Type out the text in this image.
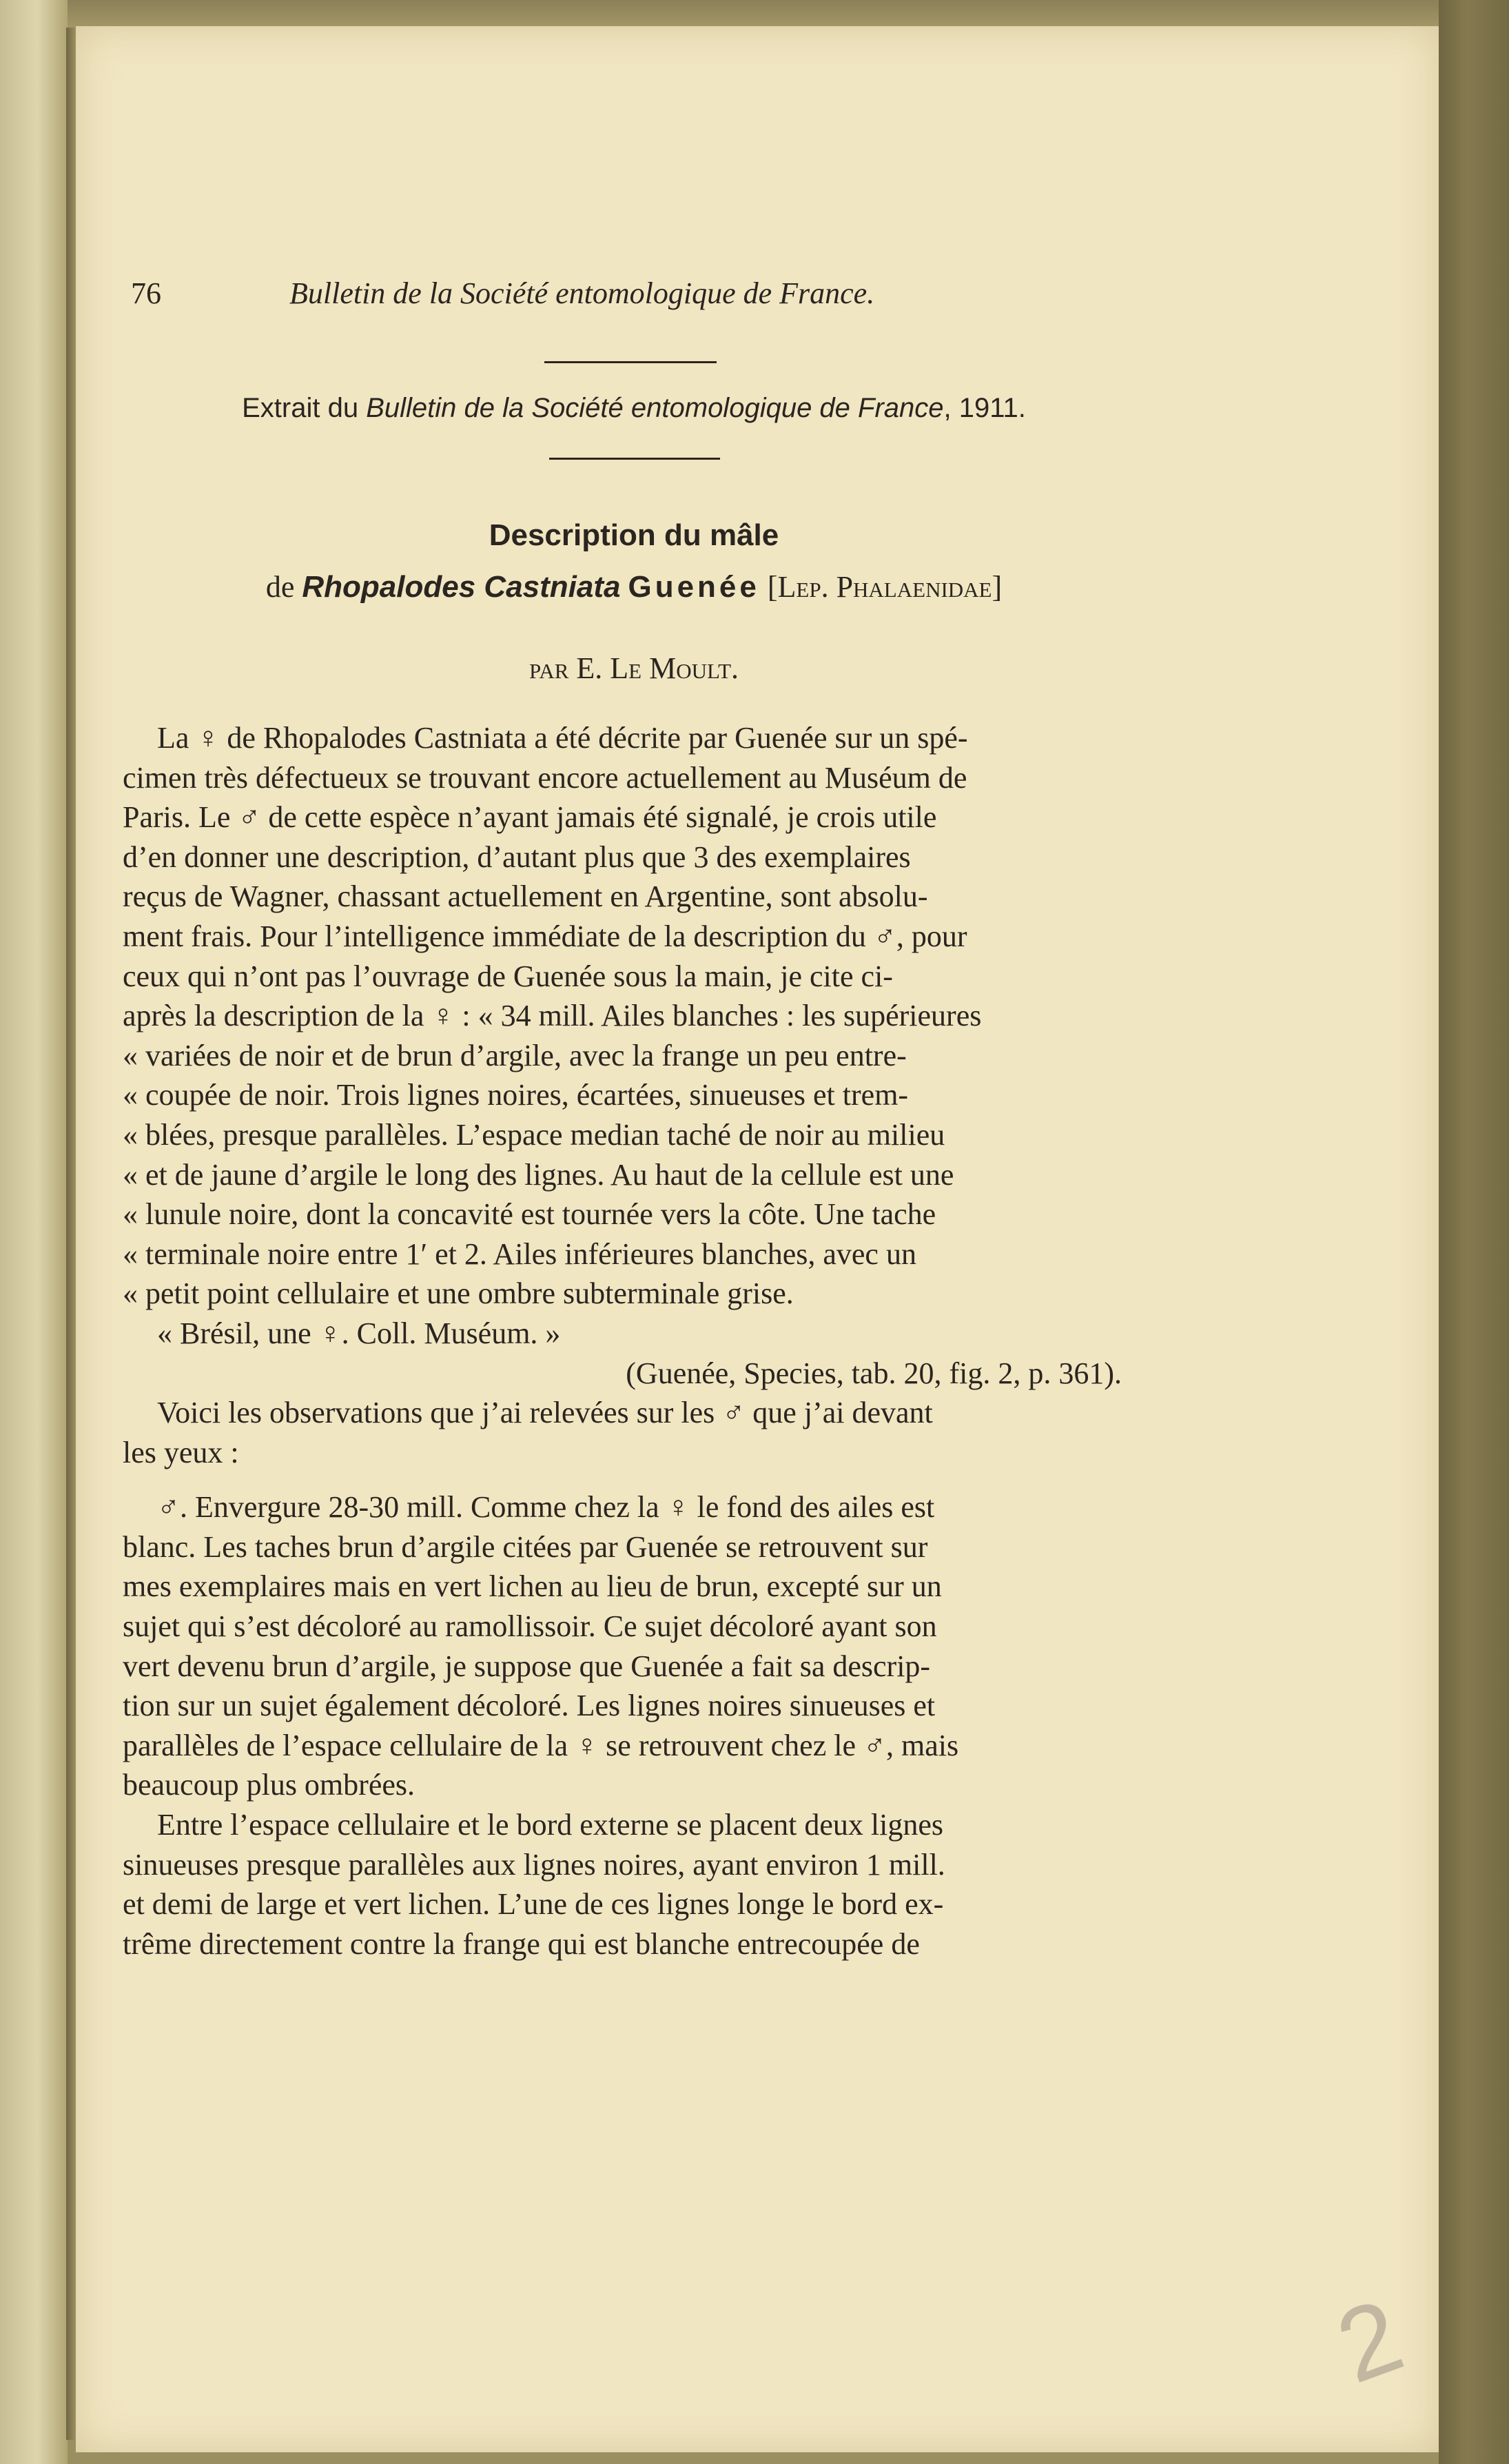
76	Bulletin de la Société entomologique de France.
Extrait du Bulletin de la Société entomologique de France, 1911.
Description du mâle
de Rhopalodes Castniata Guenée [Lep. Phalaenidae]
par E. Le Moult.
La ♀ de Rhopalodes Castniata a été décrite par Guenée sur un spé-
cimen très défectueux se trouvant encore actuellement au Muséum de
Paris. Le ♂ de cette espèce n’ayant jamais été signalé, je crois utile
d’en donner une description, d’autant plus que 3 des exemplaires
reçus de Wagner, chassant actuellement en Argentine, sont absolu-
ment frais. Pour l’intelligence immédiate de la description du ♂, pour
ceux qui n’ont pas l’ouvrage de Guenée sous la main, je cite ci-
après la description de la ♀ : « 34 mill. Ailes blanches : les supérieures
« variées de noir et de brun d’argile, avec la frange un peu entre-
« coupée de noir. Trois lignes noires, écartées, sinueuses et trem-
« blées, presque parallèles. L’espace median taché de noir au milieu
« et de jaune d’argile le long des lignes. Au haut de la cellule est une
« lunule noire, dont la concavité est tournée vers la côte. Une tache
« terminale noire entre 1′ et 2. Ailes inférieures blanches, avec un
« petit point cellulaire et une ombre subterminale grise.
« Brésil, une ♀. Coll. Muséum. »
(Guenée, Species, tab. 20, fig. 2, p. 361).
Voici les observations que j’ai relevées sur les ♂ que j’ai devant
les yeux :
♂. Envergure 28-30 mill. Comme chez la ♀ le fond des ailes est
blanc. Les taches brun d’argile citées par Guenée se retrouvent sur
mes exemplaires mais en vert lichen au lieu de brun, excepté sur un
sujet qui s’est décoloré au ramollissoir. Ce sujet décoloré ayant son
vert devenu brun d’argile, je suppose que Guenée a fait sa descrip-
tion sur un sujet également décoloré. Les lignes noires sinueuses et
parallèles de l’espace cellulaire de la ♀ se retrouvent chez le ♂, mais
beaucoup plus ombrées.
Entre l’espace cellulaire et le bord externe se placent deux lignes
sinueuses presque parallèles aux lignes noires, ayant environ 1 mill.
et demi de large et vert lichen. L’une de ces lignes longe le bord ex-
trême directement contre la frange qui est blanche entrecoupée de
2
